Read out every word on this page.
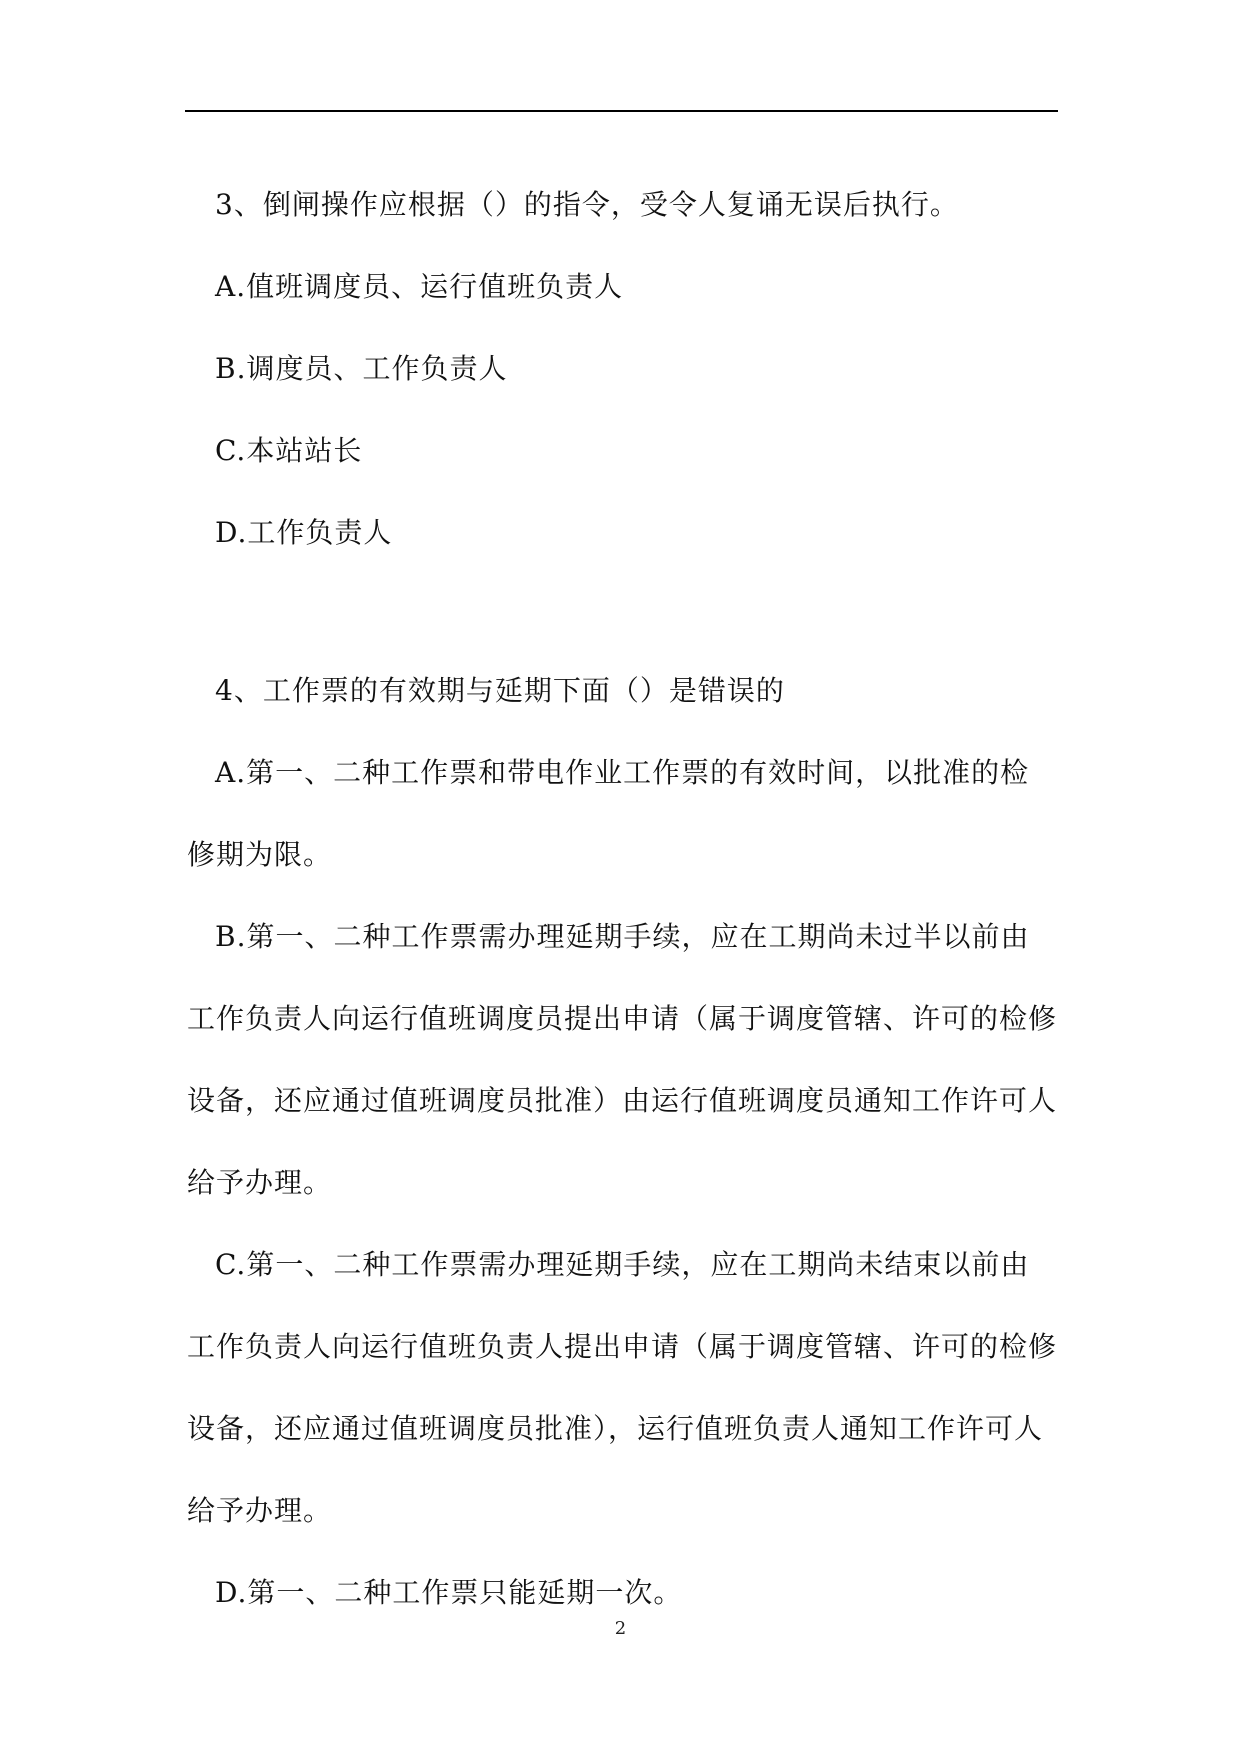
3、倒闸操作应根据（）的指令，受令人复诵无误后执行。

A.值班调度员、运行值班负责人

B.调度员、工作负责人

C.本站站长

D.工作负责人

4、工作票的有效期与延期下面（）是错误的

A.第一、二种工作票和带电作业工作票的有效时间，以批准的检修期为限。

B.第一、二种工作票需办理延期手续，应在工期尚未过半以前由工作负责人向运行值班调度员提出申请（属于调度管辖、许可的检修设备，还应通过值班调度员批准）由运行值班调度员通知工作许可人给予办理。

C.第一、二种工作票需办理延期手续，应在工期尚未结束以前由工作负责人向运行值班负责人提出申请（属于调度管辖、许可的检修设备，还应通过值班调度员批准），运行值班负责人通知工作许可人给予办理。

D.第一、二种工作票只能延期一次。

2
